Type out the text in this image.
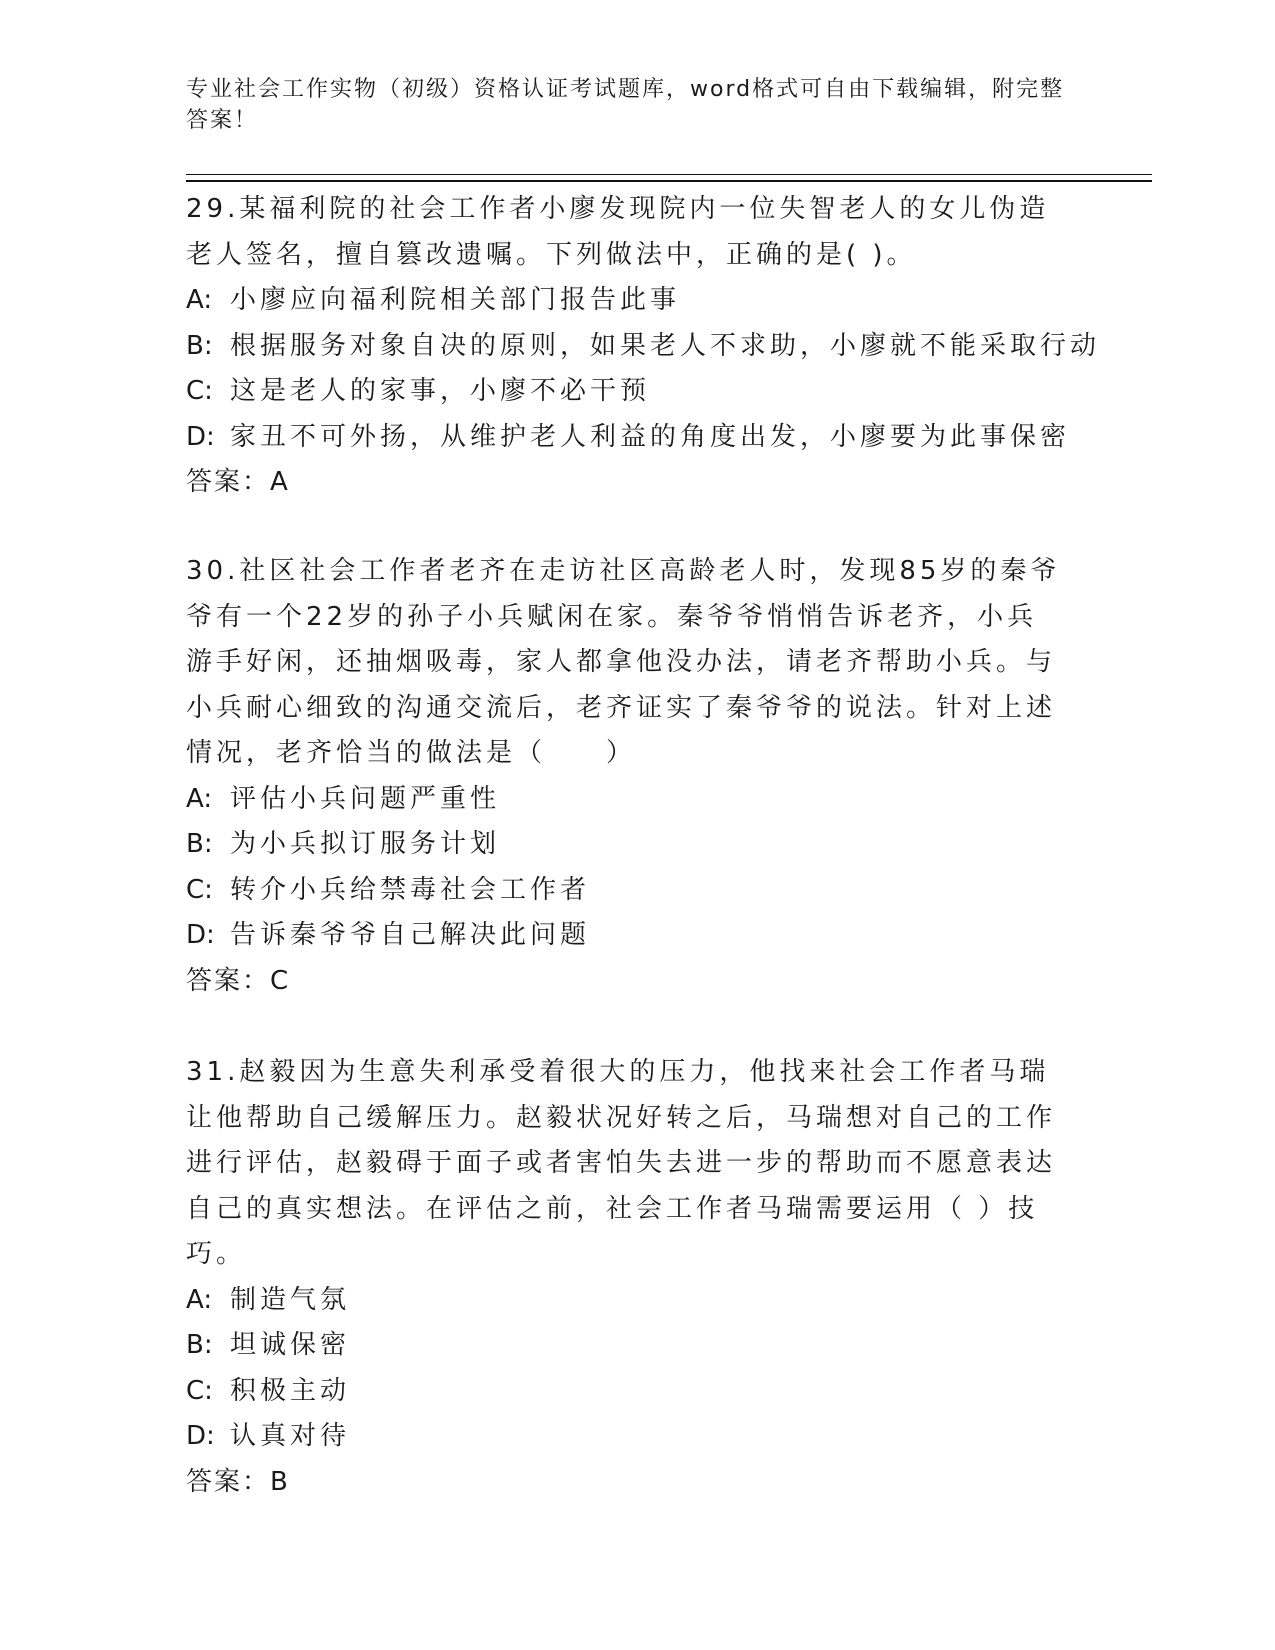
专业社会工作实物（初级）资格认证考试题库，word格式可自由下载编辑，附完整答案！

29.某福利院的社会工作者小廖发现院内一位失智老人的女儿伪造老人签名，擅自篡改遗嘱。下列做法中，正确的是( )。

A: 小廖应向福利院相关部门报告此事

B: 根据服务对象自决的原则，如果老人不求助，小廖就不能采取行动

C: 这是老人的家事，小廖不必干预

D: 家丑不可外扬，从维护老人利益的角度出发，小廖要为此事保密

答案：A

30.社区社会工作者老齐在走访社区高龄老人时，发现85岁的秦爷爷有一个22岁的孙子小兵赋闲在家。秦爷爷悄悄告诉老齐，小兵游手好闲，还抽烟吸毒，家人都拿他没办法，请老齐帮助小兵。与小兵耐心细致的沟通交流后，老齐证实了秦爷爷的说法。针对上述情况，老齐恰当的做法是（　　）

A: 评估小兵问题严重性

B: 为小兵拟订服务计划

C: 转介小兵给禁毒社会工作者

D: 告诉秦爷爷自己解决此问题

答案：C

31.赵毅因为生意失利承受着很大的压力，他找来社会工作者马瑞让他帮助自己缓解压力。赵毅状况好转之后，马瑞想对自己的工作进行评估，赵毅碍于面子或者害怕失去进一步的帮助而不愿意表达自己的真实想法。在评估之前，社会工作者马瑞需要运用（ ）技巧。

A: 制造气氛

B: 坦诚保密

C: 积极主动

D: 认真对待

答案：B
